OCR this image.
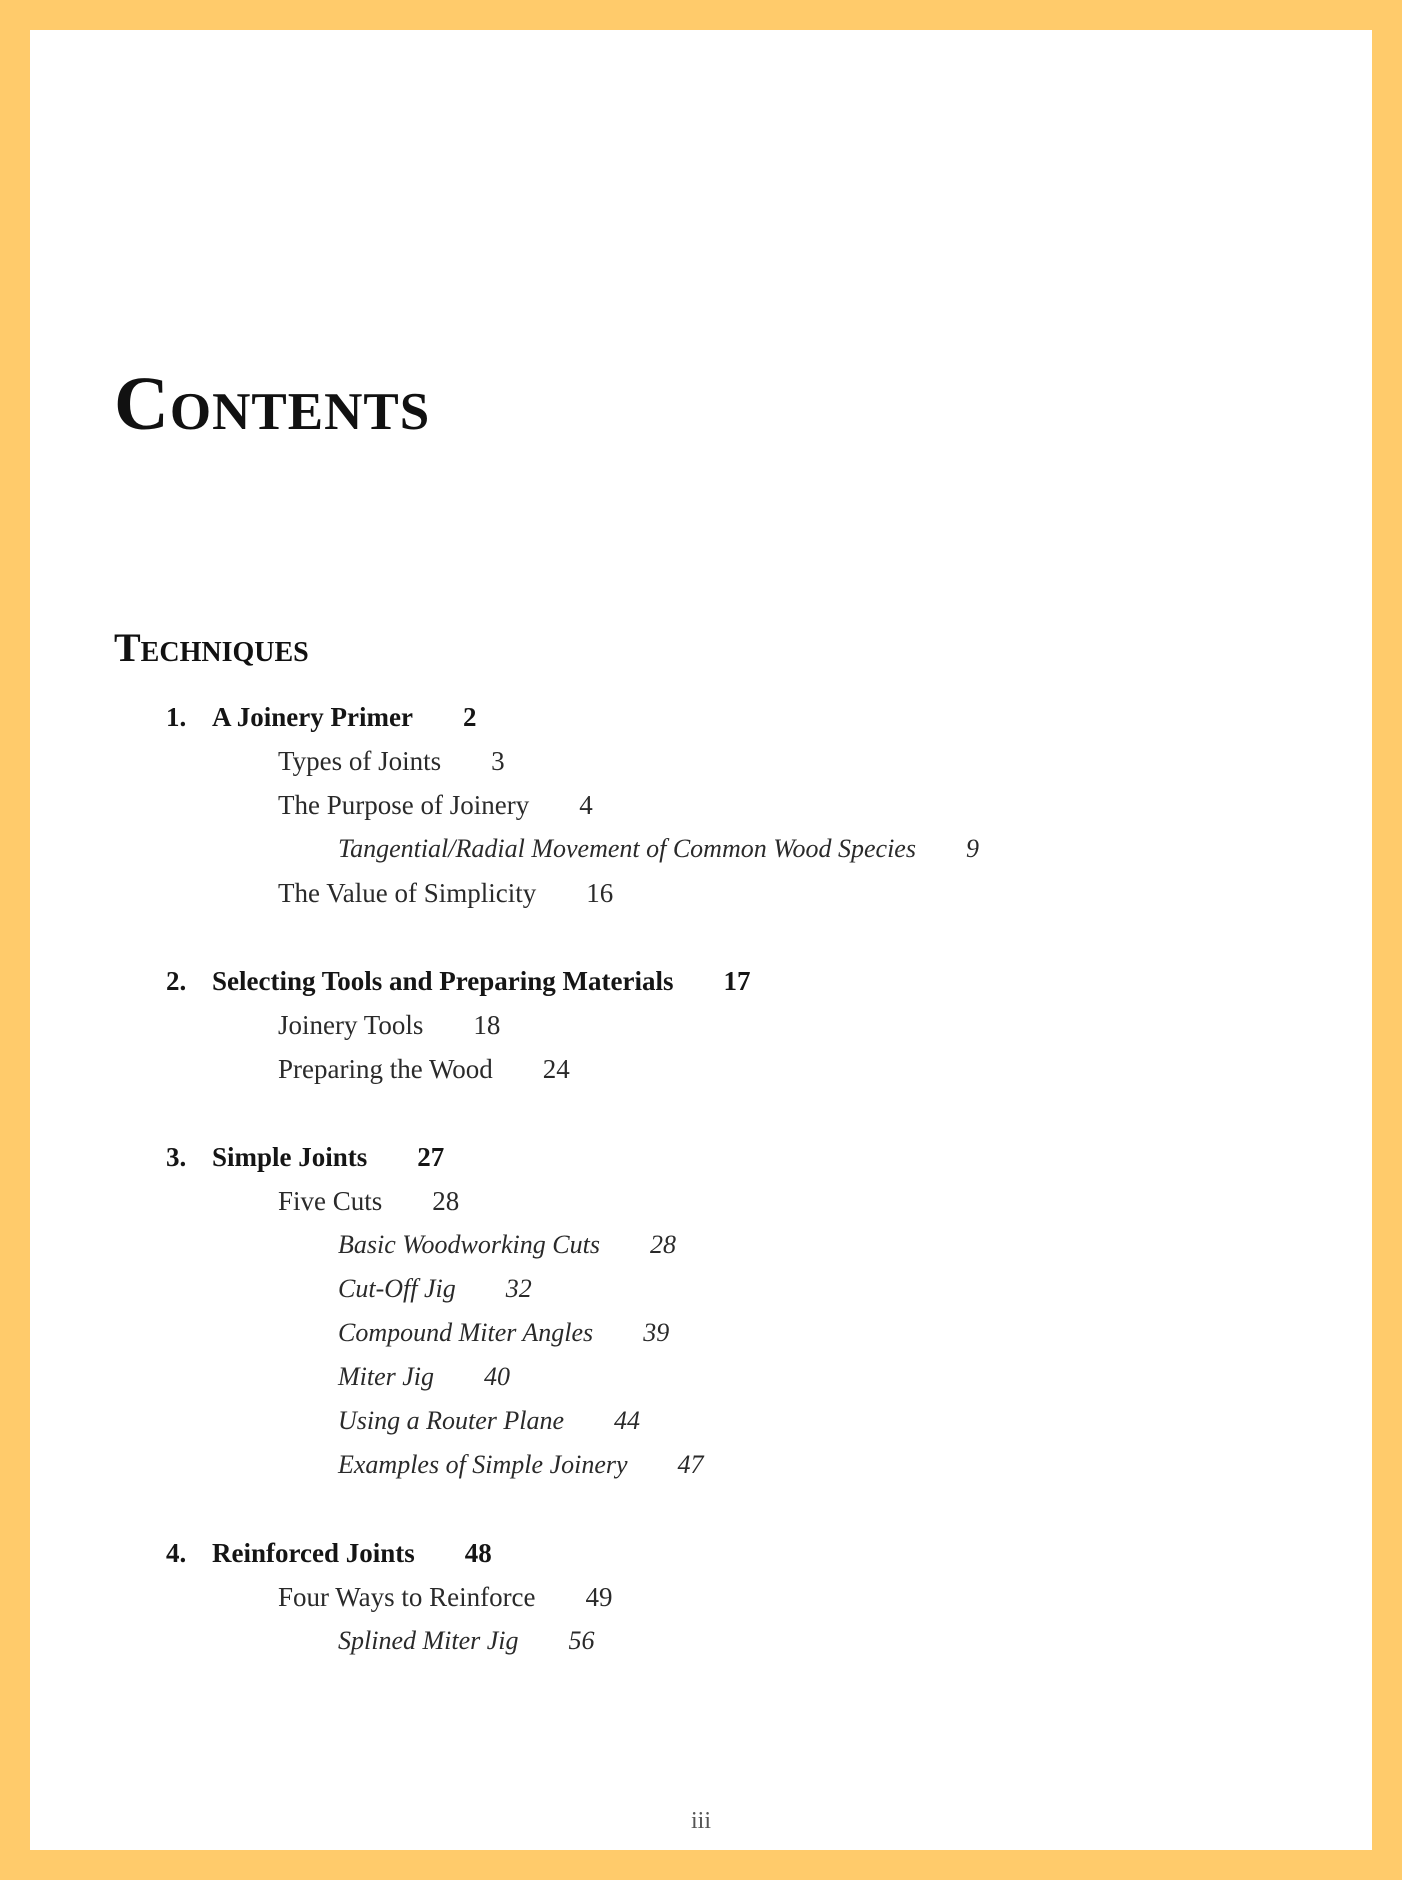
Contents
Techniques
1. A Joinery Primer 2
Types of Joints 3
The Purpose of Joinery 4
Tangential/Radial Movement of Common Wood Species 9
The Value of Simplicity 16
2. Selecting Tools and Preparing Materials 17
Joinery Tools 18
Preparing the Wood 24
3. Simple Joints 27
Five Cuts 28
Basic Woodworking Cuts 28
Cut-Off Jig 32
Compound Miter Angles 39
Miter Jig 40
Using a Router Plane 44
Examples of Simple Joinery 47
4. Reinforced Joints 48
Four Ways to Reinforce 49
Splined Miter Jig 56
iii
